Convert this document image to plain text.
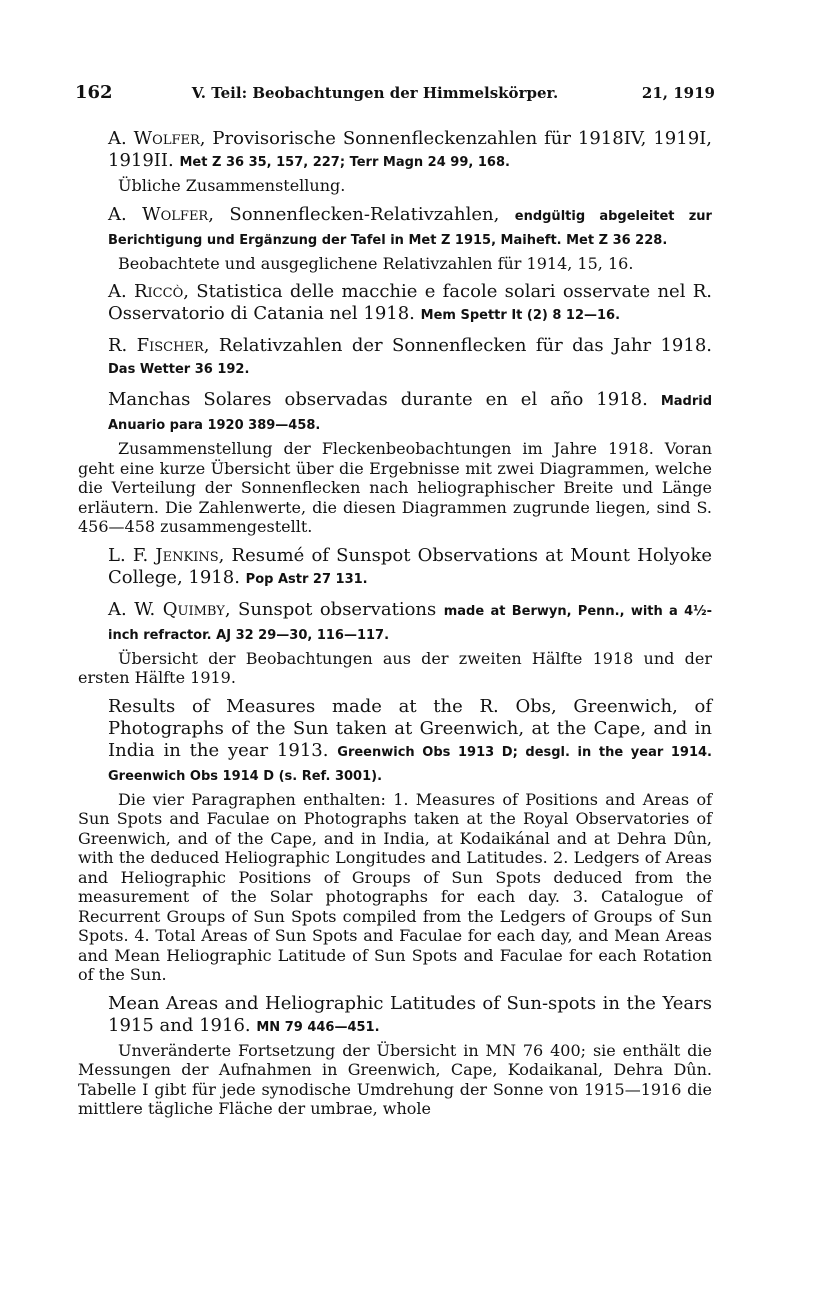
162	V. Teil: Beobachtungen der Himmelskörper.	21, 1919
A. Wolfer, Provisorische Sonnenfleckenzahlen für 1918IV, 1919I, 1919II. Met Z 36 35, 157, 227; Terr Magn 24 99, 168.
Übliche Zusammenstellung.
A. Wolfer, Sonnenflecken-Relativzahlen, endgültig abgeleitet zur Berichtigung und Ergänzung der Tafel in Met Z 1915, Maiheft. Met Z 36 228.
Beobachtete und ausgeglichene Relativzahlen für 1914, 15, 16.
A. Riccò, Statistica delle macchie e facole solari osservate nel R. Osservatorio di Catania nel 1918. Mem Spettr It (2) 8 12—16.
R. Fischer, Relativzahlen der Sonnenflecken für das Jahr 1918. Das Wetter 36 192.
Manchas Solares observadas durante en el año 1918. Madrid Anuario para 1920 389—458.
Zusammenstellung der Fleckenbeobachtungen im Jahre 1918. Voran geht eine kurze Übersicht über die Ergebnisse mit zwei Diagrammen, welche die Verteilung der Sonnenflecken nach heliographischer Breite und Länge erläutern. Die Zahlenwerte, die diesen Diagrammen zugrunde liegen, sind S. 456—458 zusammengestellt.
L. F. Jenkins, Resumé of Sunspot Observations at Mount Holyoke College, 1918. Pop Astr 27 131.
A. W. Quimby, Sunspot observations made at Berwyn, Penn., with a 4½-inch refractor. AJ 32 29—30, 116—117.
Übersicht der Beobachtungen aus der zweiten Hälfte 1918 und der ersten Hälfte 1919.
Results of Measures made at the R. Obs, Greenwich, of Photographs of the Sun taken at Greenwich, at the Cape, and in India in the year 1913. Greenwich Obs 1913 D; desgl. in the year 1914. Greenwich Obs 1914 D (s. Ref. 3001).
Die vier Paragraphen enthalten: 1. Measures of Positions and Areas of Sun Spots and Faculae on Photographs taken at the Royal Observatories of Greenwich, and of the Cape, and in India, at Kodaikánal and at Dehra Dûn, with the deduced Heliographic Longitudes and Latitudes. 2. Ledgers of Areas and Heliographic Positions of Groups of Sun Spots deduced from the measurement of the Solar photographs for each day. 3. Catalogue of Recurrent Groups of Sun Spots compiled from the Ledgers of Groups of Sun Spots. 4. Total Areas of Sun Spots and Faculae for each day, and Mean Areas and Mean Heliographic Latitude of Sun Spots and Faculae for each Rotation of the Sun.
Mean Areas and Heliographic Latitudes of Sun-spots in the Years 1915 and 1916. MN 79 446—451.
Unveränderte Fortsetzung der Übersicht in MN 76 400; sie enthält die Messungen der Aufnahmen in Greenwich, Cape, Kodaikanal, Dehra Dûn. Tabelle I gibt für jede synodische Umdrehung der Sonne von 1915—1916 die mittlere tägliche Fläche der umbrae, whole
